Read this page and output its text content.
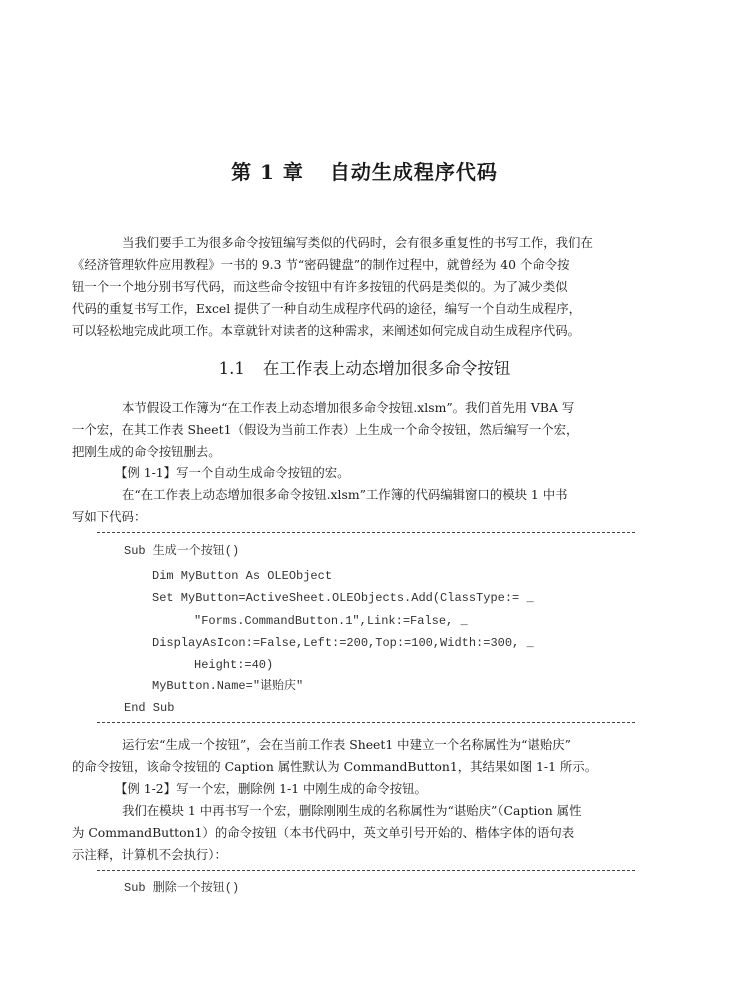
第 1 章 自动生成程序代码
当我们要手工为很多命令按钮编写类似的代码时，会有很多重复性的书写工作，我们在
《经济管理软件应用教程》一书的 9.3 节“密码键盘”的制作过程中，就曾经为 40 个命令按
钮一个一个地分别书写代码，而这些命令按钮中有许多按钮的代码是类似的。为了减少类似
代码的重复书写工作，Excel 提供了一种自动生成程序代码的途径，编写一个自动生成程序，
可以轻松地完成此项工作。本章就针对读者的这种需求，来阐述如何完成自动生成程序代码。
1.1 在工作表上动态增加很多命令按钮
本节假设工作簿为“在工作表上动态增加很多命令按钮.xlsm”。我们首先用 VBA 写
一个宏，在其工作表 Sheet1（假设为当前工作表）上生成一个命令按钮，然后编写一个宏，
把刚生成的命令按钮删去。
【例 1-1】写一个自动生成命令按钮的宏。
在“在工作表上动态增加很多命令按钮.xlsm”工作簿的代码编辑窗口的模块 1 中书
写如下代码：
Sub 生成一个按钮()
Dim MyButton As OLEObject
Set MyButton=ActiveSheet.OLEObjects.Add(ClassType:= _
"Forms.CommandButton.1",Link:=False, _
DisplayAsIcon:=False,Left:=200,Top:=100,Width:=300, _
Height:=40)
MyButton.Name="谌贻庆"
End Sub
运行宏“生成一个按钮”，会在当前工作表 Sheet1 中建立一个名称属性为“谌贻庆”
的命令按钮，该命令按钮的 Caption 属性默认为 CommandButton1，其结果如图 1-1 所示。
【例 1-2】写一个宏，删除例 1-1 中刚生成的命令按钮。
我们在模块 1 中再书写一个宏，删除刚刚生成的名称属性为“谌贻庆”（Caption 属性
为 CommandButton1）的命令按钮（本书代码中，英文单引号开始的、楷体字体的语句表
示注释，计算机不会执行）：
Sub 删除一个按钮()
